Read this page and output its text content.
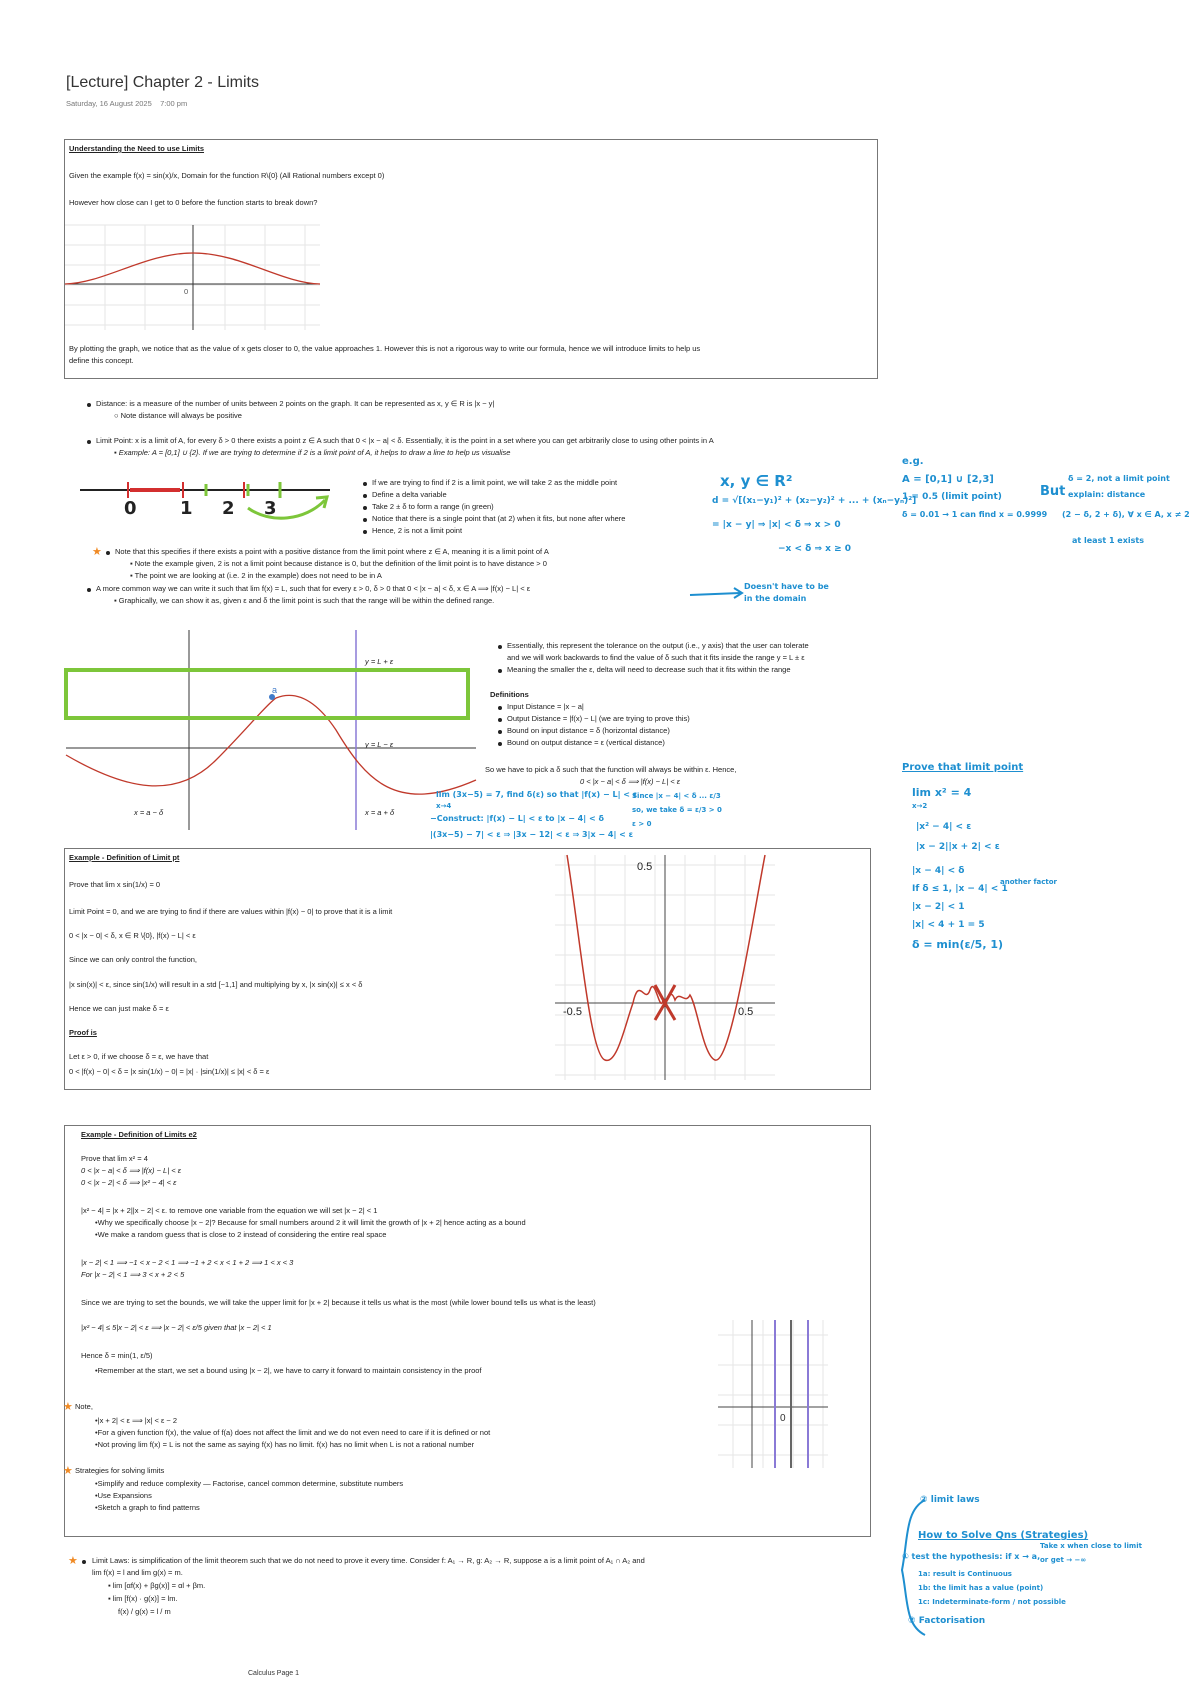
[Lecture] Chapter 2 - Limits
Saturday, 16 August 2025 7:00 pm
Understanding the Need to use Limits
Given the example f(x) = sin(x)/x, Domain for the function R\{0} (All Rational numbers except 0)
However how close can I get to 0 before the function starts to break down?
0
By plotting the graph, we notice that as the value of x gets closer to 0, the value approaches 1. However this is not a rigorous way to write our formula, hence we will introduce limits to help us
define this concept.
Distance: is a measure of the number of units between 2 points on the graph. It can be represented as x, y ∈ R is |x − y|
○ Note distance will always be positive
Limit Point: x is a limit of A, for every δ > 0 there exists a point z ∈ A such that 0 < |x − a| < δ. Essentially, it is the point in a set where you can get arbitrarily close to using other points in A
▪ Example: A = [0,1] ∪ {2}. If we are trying to determine if 2 is a limit point of A, it helps to draw a line to help us visualise
0 1 2 3
If we are trying to find if 2 is a limit point, we will take 2 as the middle point
Define a delta variable
Take 2 ± δ to form a range (in green)
Notice that there is a single point that (at 2) when it fits, but none after where
Hence, 2 is not a limit point
★ Note that this specifies if there exists a point with a positive distance from the limit point where z ∈ A, meaning it is a limit point of A
▪ Note the example given, 2 is not a limit point because distance is 0, but the definition of the limit point is to have distance > 0
▪ The point we are looking at (i.e. 2 in the example) does not need to be in A
A more common way we can write it such that lim f(x) = L, such that for every ε > 0, δ > 0 that 0 < |x − a| < δ, x ∈ A ⟹ |f(x) − L| < ε
▪ Graphically, we can show it as, given ε and δ the limit point is such that the range will be within the defined range.
a
y = L + ε
y = L − ε
x = a − δ	x = a + δ
Essentially, this represent the tolerance on the output (i.e., y axis) that the user can tolerate
and we will work backwards to find the value of δ such that it fits inside the range y = L ± ε
Meaning the smaller the ε, delta will need to decrease such that it fits within the range
Definitions
Input Distance = |x − a|
Output Distance = |f(x) − L| (we are trying to prove this)
Bound on input distance = δ (horizontal distance)
Bound on output distance = ε (vertical distance)
So we have to pick a δ such that the function will always be within ε. Hence,
0 < |x − a| < δ ⟹ |f(x) − L| < ε
Example - Definition of Limit pt
Prove that lim x sin(1/x) = 0
Limit Point = 0, and we are trying to find if there are values within |f(x) − 0| to prove that it is a limit
0 < |x − 0| < δ, x ∈ R \{0}, |f(x) − L| < ε
Since we can only control the function,
|x sin(x)| < ε, since sin(1/x) will result in a std [−1,1] and multiplying by x, |x sin(x)| ≤ x < δ
Hence we can just make δ = ε
Proof is
Let ε > 0, if we choose δ = ε, we have that
0 < |f(x) − 0| < δ = |x sin(1/x) − 0| = |x| · |sin(1/x)| ≤ |x| < δ = ε
0.5
-0.5	0.5
Example - Definition of Limits e2
Prove that lim x² = 4
0 < |x − a| < δ ⟹ |f(x) − L| < ε
0 < |x − 2| < δ ⟹ |x² − 4| < ε
|x² − 4| = |x + 2||x − 2| < ε. to remove one variable from the equation we will set |x − 2| < 1
•Why we specifically choose |x − 2|? Because for small numbers around 2 it will limit the growth of |x + 2| hence acting as a bound
•We make a random guess that is close to 2 instead of considering the entire real space
|x − 2| < 1 ⟹ −1 < x − 2 < 1 ⟹ −1 + 2 < x < 1 + 2 ⟹ 1 < x < 3
For |x − 2| < 1 ⟹ 3 < x + 2 < 5
Since we are trying to set the bounds, we will take the upper limit for |x + 2| because it tells us what is the most (while lower bound tells us what is the least)
|x² − 4| ≤ 5|x − 2| < ε ⟹ |x − 2| < ε/5 given that |x − 2| < 1
Hence δ = min(1, ε/5)
•Remember at the start, we set a bound using |x − 2|, we have to carry it forward to maintain consistency in the proof
★ Note,
•|x + 2| < ε ⟹ |x| < ε − 2
•For a given function f(x), the value of f(a) does not affect the limit and we do not even need to care if it is defined or not
•Not proving lim f(x) = L is not the same as saying f(x) has no limit. f(x) has no limit when L is not a rational number
★ Strategies for solving limits
•Simplify and reduce complexity — Factorise, cancel common determine, substitute numbers
•Use Expansions
•Sketch a graph to find patterns
0
★ Limit Laws: is simplification of the limit theorem such that we do not need to prove it every time. Consider f: A₁ → R, g: A₂ → R, suppose a is a limit point of A₁ ∩ A₂ and
lim f(x) = l and lim g(x) = m.
▪ lim [αf(x) + βg(x)] = αl + βm.
▪ lim [f(x) · g(x)] = lm.
f(x) / g(x) = l / m
Calculus Page 1
x, y ∈ R²
d = √[(x₁−y₁)² + (x₂−y₂)² + ... + (xₙ−yₙ)²]
= |x − y| ⇒ |x| < δ ⇒ x > 0
−x < δ ⇒ x ≥ 0
e.g.
A = [0,1] ∪ [2,3]
1 = 0.5 (limit point)
δ = 0.01 → 1 can find x = 0.9999
But
δ = 2, not a limit point
explain: distance
(2 − δ, 2 + δ), ∀ x ∈ A, x ≠ 2
at least 1 exists
Doesn't have to be
in the domain
lim (3x−5) = 7, find δ(ε) so that |f(x) − L| < ε
x→4
−Construct: |f(x) − L| < ε to |x − 4| < δ
|(3x−5) − 7| < ε ⇒ |3x − 12| < ε ⇒ 3|x − 4| < ε
Since |x − 4| < δ ... ε/3
so, we take δ = ε/3 > 0
ε > 0
Prove that limit point
lim x² = 4
x→2
|x² − 4| < ε
|x − 2||x + 2| < ε
|x − 4| < δ
If δ ≤ 1, |x − 4| < 1
another factor
|x − 2| < 1
|x| < 4 + 1 = 5
δ = min(ε/5, 1)
② limit laws
How to Solve Qns (Strategies)
① test the hypothesis: if x → a,
Take x when close to limit
or get → −∞
1a: result is Continuous
1b: the limit has a value (point)
1c: Indeterminate-form / not possible
② Factorisation
